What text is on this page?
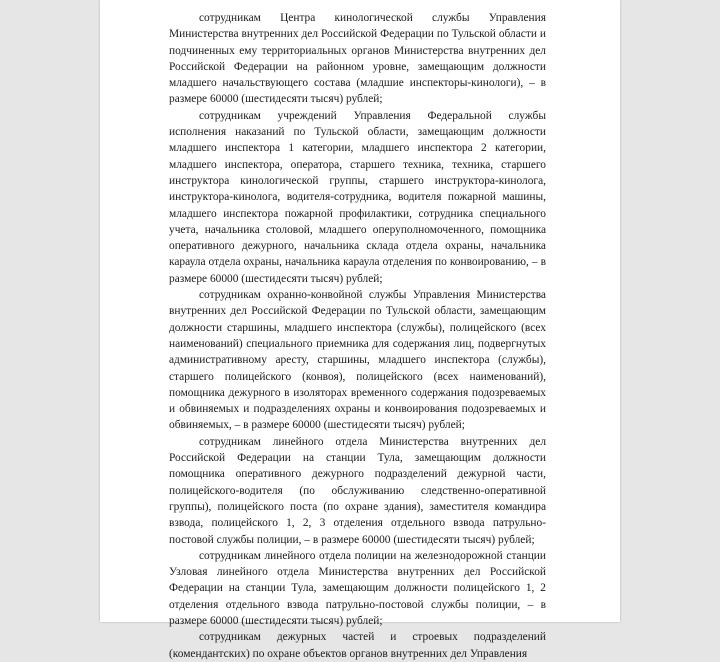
сотрудникам Центра кинологической службы Управления Министерства внутренних дел Российской Федерации по Тульской области и подчиненных ему территориальных органов Министерства внутренних дел Российской Федерации на районном уровне, замещающим должности младшего начальствующего состава (младшие инспекторы-кинологи), – в размере 60000 (шестидесяти тысяч) рублей;

сотрудникам учреждений Управления Федеральной службы исполнения наказаний по Тульской области, замещающим должности младшего инспектора 1 категории, младшего инспектора 2 категории, младшего инспектора, оператора, старшего техника, техника, старшего инструктора кинологической группы, старшего инструктора-кинолога, инструктора-кинолога, водителя-сотрудника, водителя пожарной машины, младшего инспектора пожарной профилактики, сотрудника специального учета, начальника столовой, младшего оперуполномоченного, помощника оперативного дежурного, начальника склада отдела охраны, начальника караула отдела охраны, начальника караула отделения по конвоированию, – в размере 60000 (шестидесяти тысяч) рублей;

сотрудникам охранно-конвойной службы Управления Министерства внутренних дел Российской Федерации по Тульской области, замещающим должности старшины, младшего инспектора (службы), полицейского (всех наименований) специального приемника для содержания лиц, подвергнутых административному аресту, старшины, младшего инспектора (службы), старшего полицейского (конвоя), полицейского (всех наименований), помощника дежурного в изоляторах временного содержания подозреваемых и обвиняемых и подразделениях охраны и конвоирования подозреваемых и обвиняемых, – в размере 60000 (шестидесяти тысяч) рублей;

сотрудникам линейного отдела Министерства внутренних дел Российской Федерации на станции Тула, замещающим должности помощника оперативного дежурного подразделений дежурной части, полицейского-водителя (по обслуживанию следственно-оперативной группы), полицейского поста (по охране здания), заместителя командира взвода, полицейского 1, 2, 3 отделения отдельного взвода патрульно-постовой службы полиции, – в размере 60000 (шестидесяти тысяч) рублей;

сотрудникам линейного отдела полиции на железнодорожной станции Узловая линейного отдела Министерства внутренних дел Российской Федерации на станции Тула, замещающим должности полицейского 1, 2 отделения отдельного взвода патрульно-постовой службы полиции, – в размере 60000 (шестидесяти тысяч) рублей;

сотрудникам дежурных частей и строевых подразделений (комендантских) по охране объектов органов внутренних дел Управления
